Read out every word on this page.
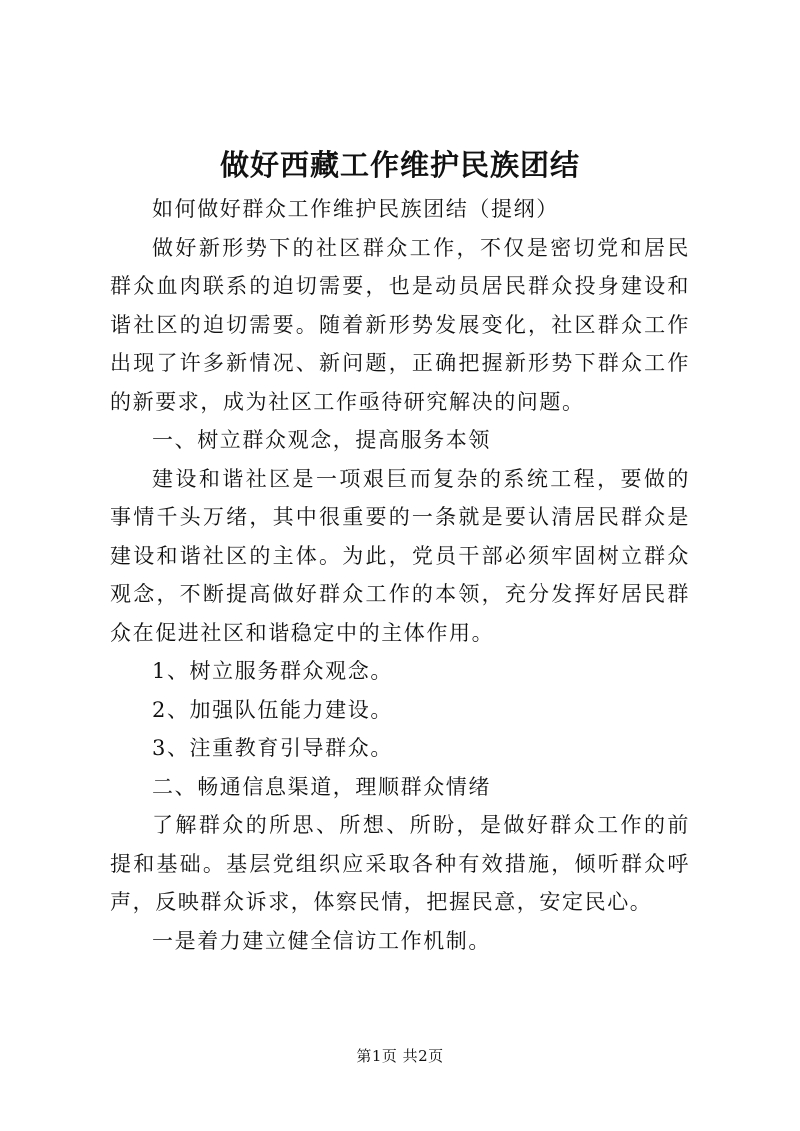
做好西藏工作维护民族团结

如何做好群众工作维护民族团结（提纲）

做好新形势下的社区群众工作，不仅是密切党和居民群众血肉联系的迫切需要，也是动员居民群众投身建设和谐社区的迫切需要。随着新形势发展变化，社区群众工作出现了许多新情况、新问题，正确把握新形势下群众工作的新要求，成为社区工作亟待研究解决的问题。

一、树立群众观念，提高服务本领

建设和谐社区是一项艰巨而复杂的系统工程，要做的事情千头万绪，其中很重要的一条就是要认清居民群众是建设和谐社区的主体。为此，党员干部必须牢固树立群众观念，不断提高做好群众工作的本领，充分发挥好居民群众在促进社区和谐稳定中的主体作用。

1、树立服务群众观念。

2、加强队伍能力建设。

3、注重教育引导群众。

二、畅通信息渠道，理顺群众情绪

了解群众的所思、所想、所盼，是做好群众工作的前提和基础。基层党组织应采取各种有效措施，倾听群众呼声，反映群众诉求，体察民情，把握民意，安定民心。

一是着力建立健全信访工作机制。

第1页 共2页
